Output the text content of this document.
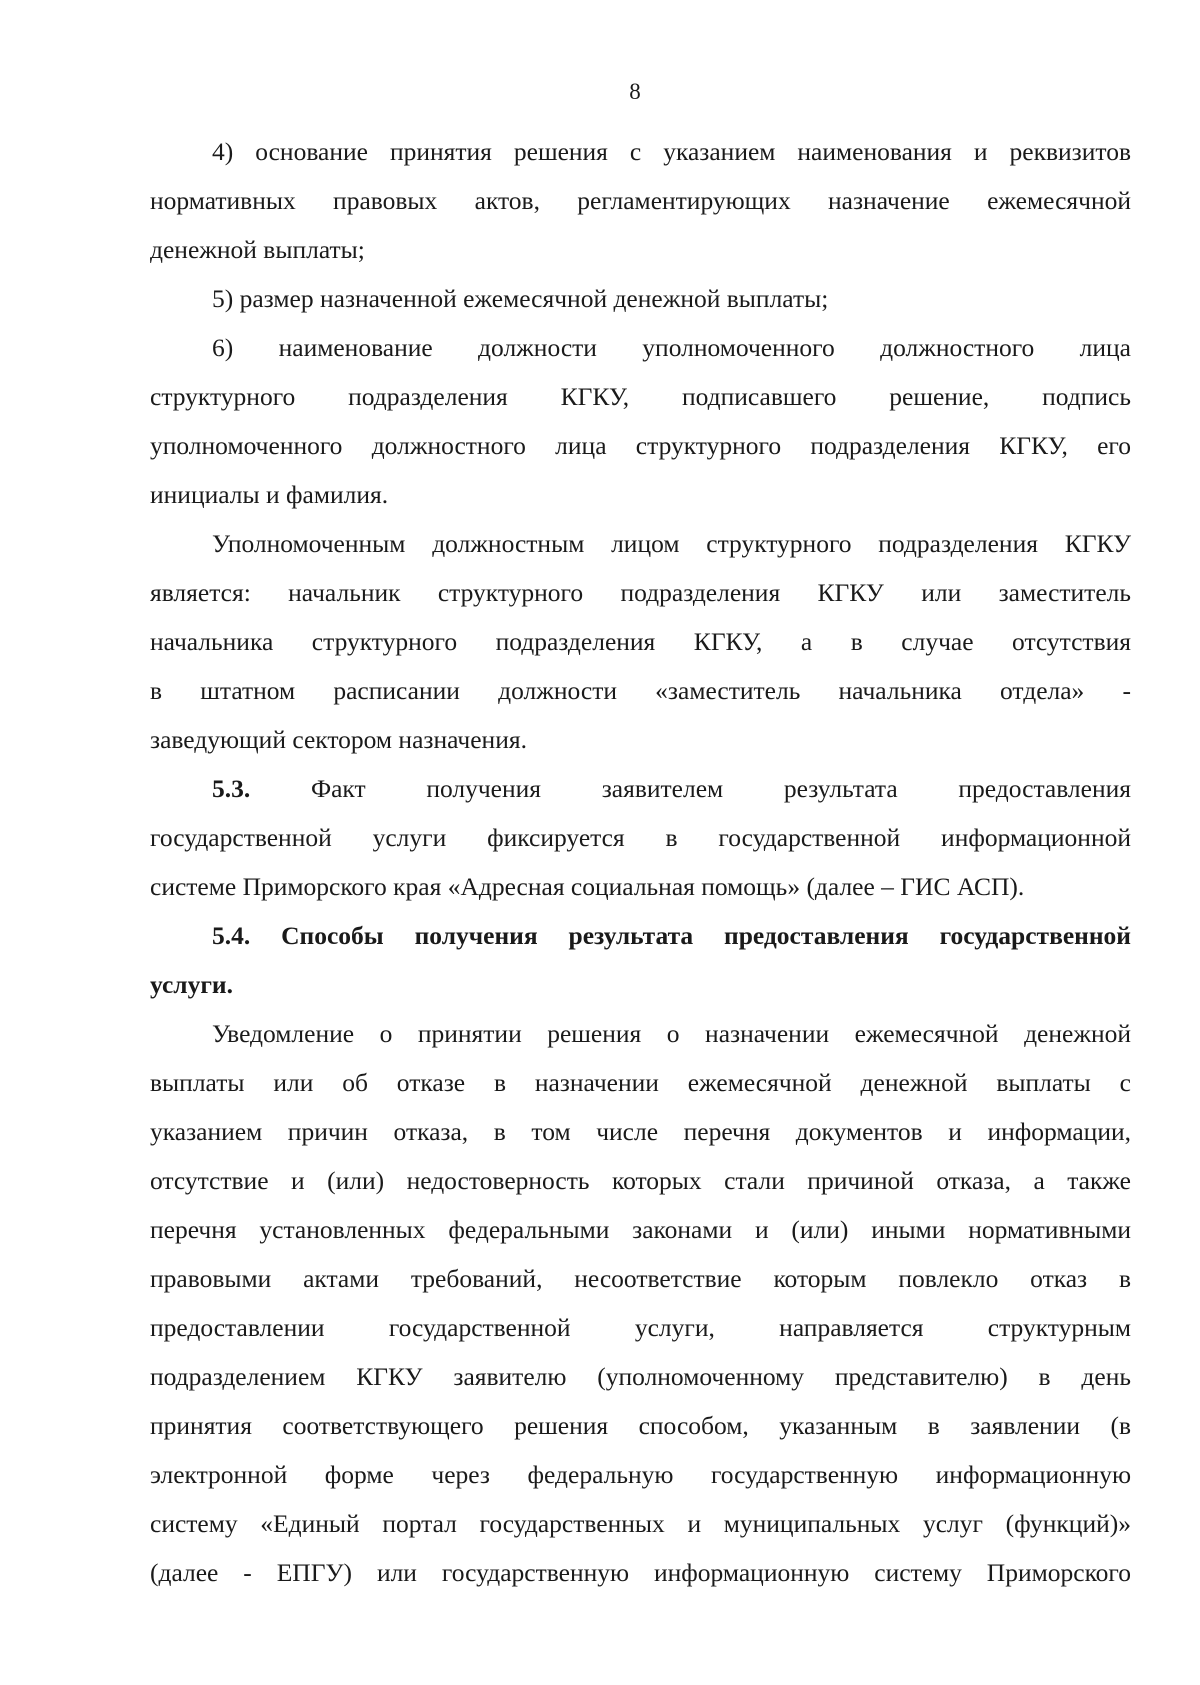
8
4) основание принятия решения с указанием наименования и реквизитов
нормативных правовых актов, регламентирующих назначение ежемесячной
денежной выплаты;
5) размер назначенной ежемесячной денежной выплаты;
6) наименование должности уполномоченного должностного лица
структурного подразделения КГКУ, подписавшего решение, подпись
уполномоченного должностного лица структурного подразделения КГКУ, его
инициалы и фамилия.
Уполномоченным должностным лицом структурного подразделения КГКУ
является: начальник структурного подразделения КГКУ или заместитель
начальника структурного подразделения КГКУ, а в случае отсутствия
в штатном расписании должности «заместитель начальника отдела» -
заведующий сектором назначения.
5.3. Факт получения заявителем результата предоставления
государственной услуги фиксируется в государственной информационной
системе Приморского края «Адресная социальная помощь» (далее – ГИС АСП).
5.4. Способы получения результата предоставления государственной
услуги.
Уведомление о принятии решения о назначении ежемесячной денежной
выплаты или об отказе в назначении ежемесячной денежной выплаты с
указанием причин отказа, в том числе перечня документов и информации,
отсутствие и (или) недостоверность которых стали причиной отказа, а также
перечня установленных федеральными законами и (или) иными нормативными
правовыми актами требований, несоответствие которым повлекло отказ в
предоставлении государственной услуги, направляется структурным
подразделением КГКУ заявителю (уполномоченному представителю) в день
принятия соответствующего решения способом, указанным в заявлении (в
электронной форме через федеральную государственную информационную
систему «Единый портал государственных и муниципальных услуг (функций)»
(далее - ЕПГУ) или государственную информационную систему Приморского
